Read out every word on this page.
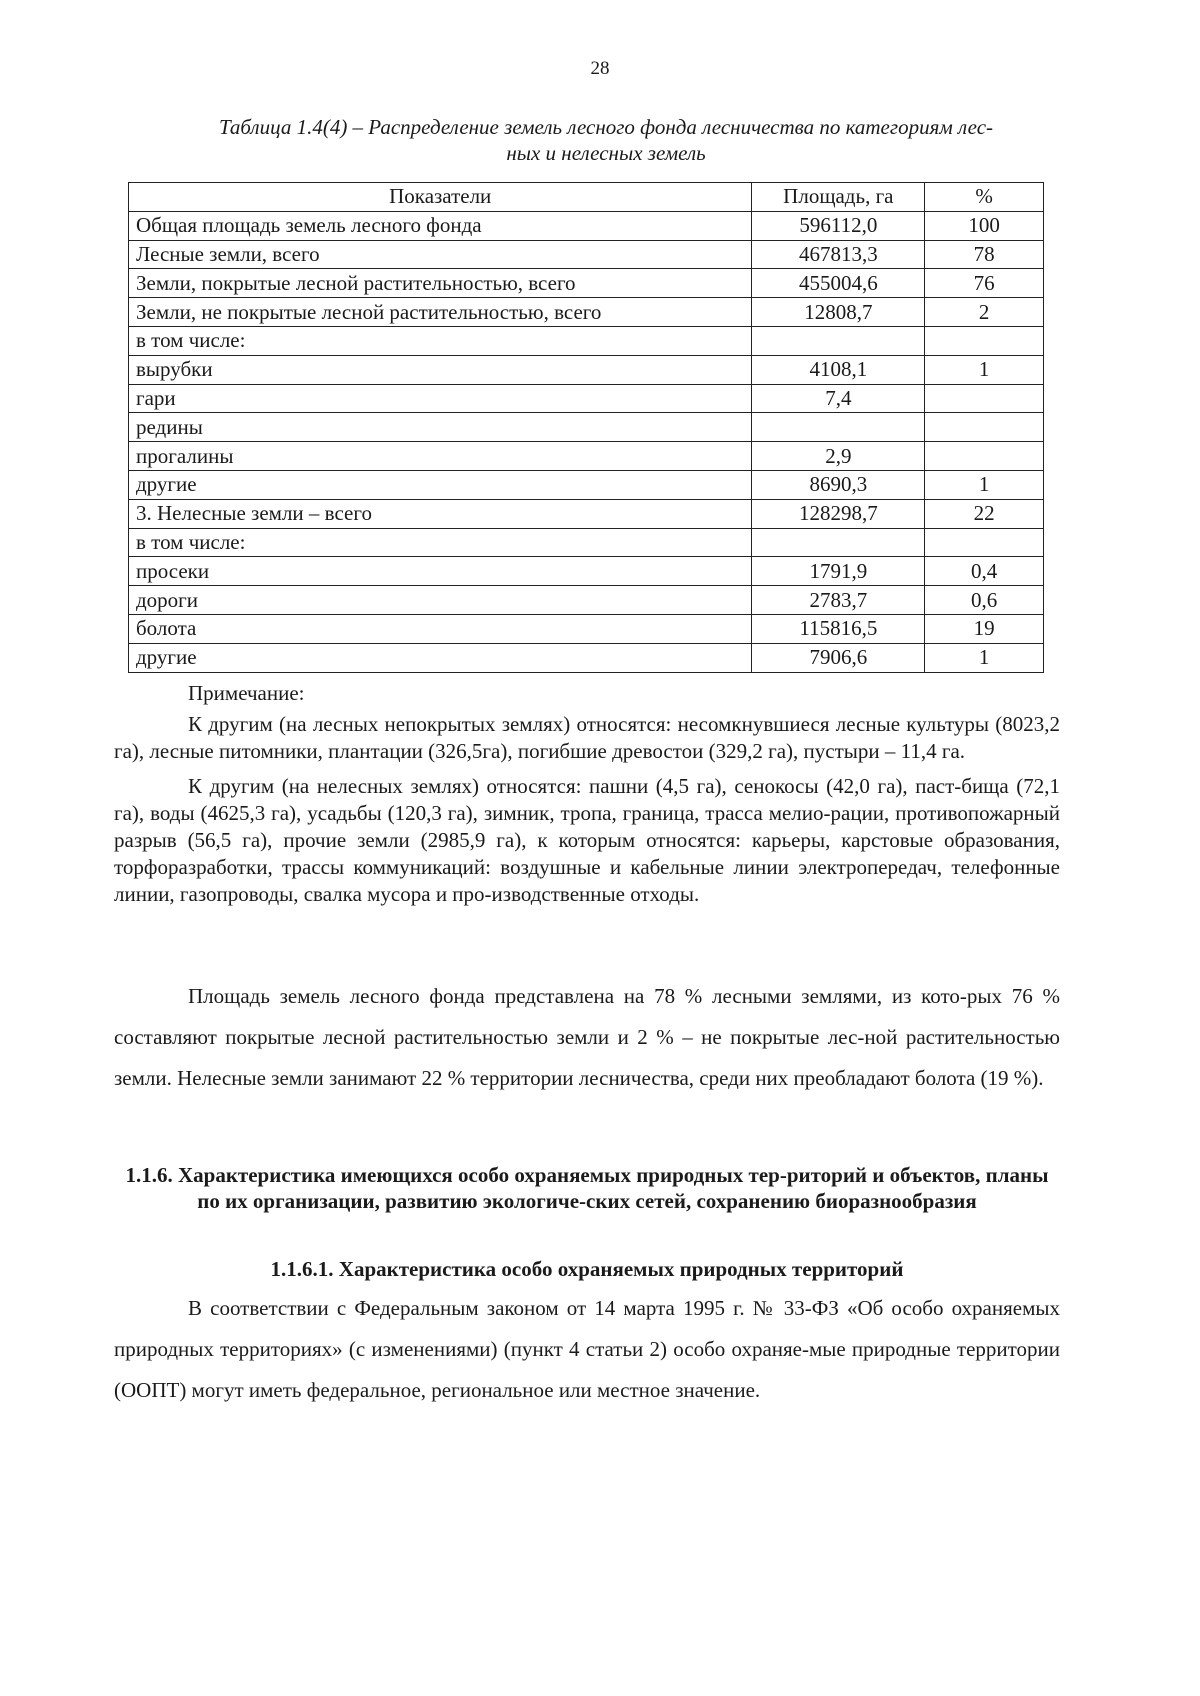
28
Таблица 1.4(4) – Распределение земель лесного фонда лесничества по категориям лес-
ных и нелесных земель
Показатели	Площадь, га	%
Общая площадь земель лесного фонда	596112,0	100
Лесные земли, всего	467813,3	78
Земли, покрытые лесной растительностью, всего	455004,6	76
Земли, не покрытые лесной растительностью, всего	12808,7	2
в том числе:		
вырубки	4108,1	1
гари	7,4	
редины		
прогалины	2,9	
другие	8690,3	1
3. Нелесные земли – всего	128298,7	22
в том числе:		
просеки	1791,9	0,4
дороги	2783,7	0,6
болота	115816,5	19
другие	7906,6	1

Примечание:

К другим (на лесных непокрытых землях) относятся: несомкнувшиеся лесные культуры (8023,2 га), лесные питомники, плантации (326,5га), погибшие древостои (329,2 га), пустыри – 11,4 га.

К другим (на нелесных землях) относятся: пашни (4,5 га), сенокосы (42,0 га), паст-бища (72,1 га), воды (4625,3 га), усадьбы (120,3 га), зимник, тропа, граница, трасса мелио-рации, противопожарный разрыв (56,5 га), прочие земли (2985,9 га), к которым относятся: карьеры, карстовые образования, торфоразработки, трассы коммуникаций: воздушные и кабельные линии электропередач, телефонные линии, газопроводы, свалка мусора и про-изводственные отходы.

Площадь земель лесного фонда представлена на 78 % лесными землями, из кото-рых 76 % составляют покрытые лесной растительностью земли и 2 % – не покрытые лес-ной растительностью земли. Нелесные земли занимают 22 % территории лесничества, среди них преобладают болота (19 %).

1.1.6. Характеристика имеющихся особо охраняемых природных тер-риторий и объектов, планы по их организации, развитию экологиче-ских сетей, сохранению биоразнообразия
1.1.6.1. Характеристика особо охраняемых природных территорий

В соответствии с Федеральным законом от 14 марта 1995 г. № 33-ФЗ «Об особо охраняемых природных территориях» (с изменениями) (пункт 4 статьи 2) особо охраняе-мые природные территории (ООПТ) могут иметь федеральное, региональное или местное значение.
